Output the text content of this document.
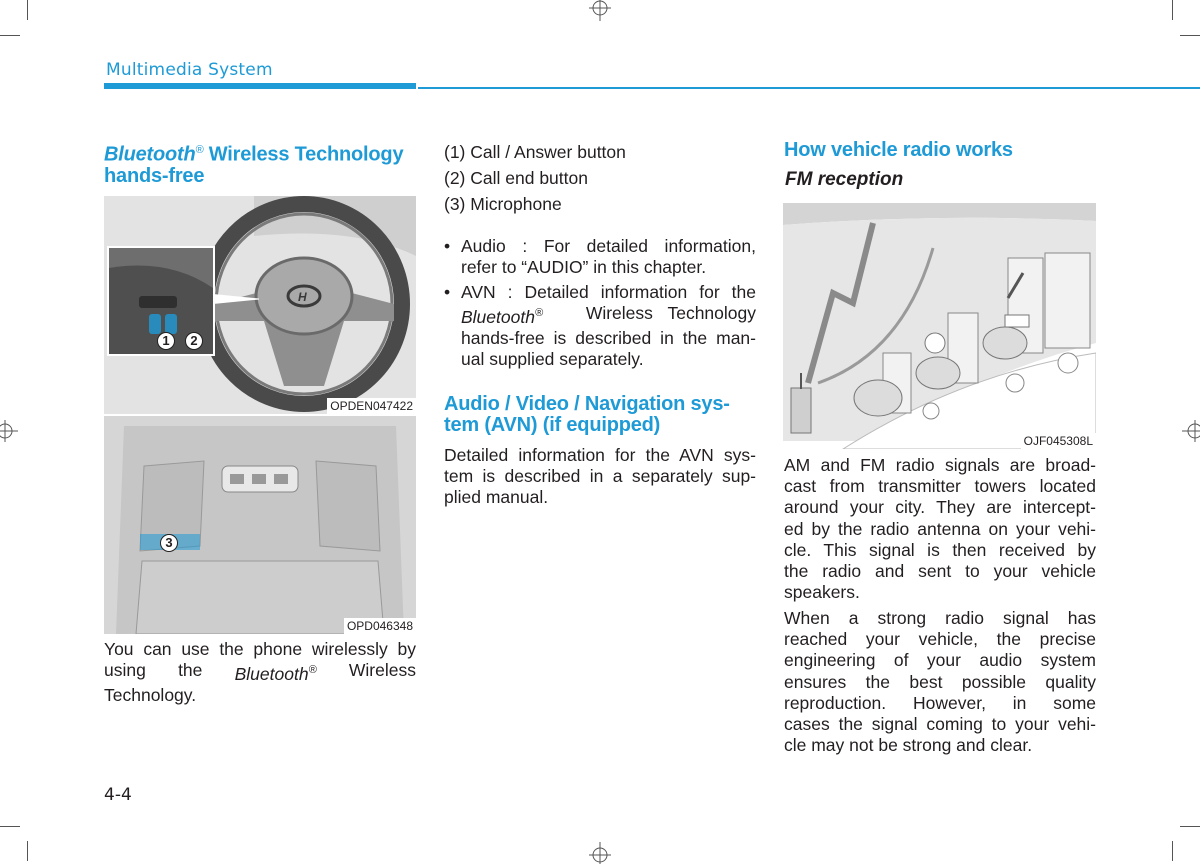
Multimedia System
Bluetooth® Wireless Technology
hands-free
H
1	2
OPDEN047422
3
OPD046348
You can use the phone wirelessly by
using the Bluetooth® Wireless
Technology.
(1) Call / Answer button
(2) Call end button
(3) Microphone
• Audio : For detailed information,
refer to “AUDIO” in this chapter.
• AVN : Detailed information for the
Bluetooth® Wireless Technology
hands-free is described in the man-
ual supplied separately.
Audio / Video / Navigation sys-
tem (AVN) (if equipped)
Detailed information for the AVN sys-
tem is described in a separately sup-
plied manual.
How vehicle radio works
FM reception
OJF045308L
AM and FM radio signals are broad-
cast from transmitter towers located
around your city. They are intercept-
ed by the radio antenna on your vehi-
cle. This signal is then received by
the radio and sent to your vehicle
speakers.
When a strong radio signal has
reached your vehicle, the precise
engineering of your audio system
ensures the best possible quality
reproduction. However, in some
cases the signal coming to your vehi-
cle may not be strong and clear.
4-4
